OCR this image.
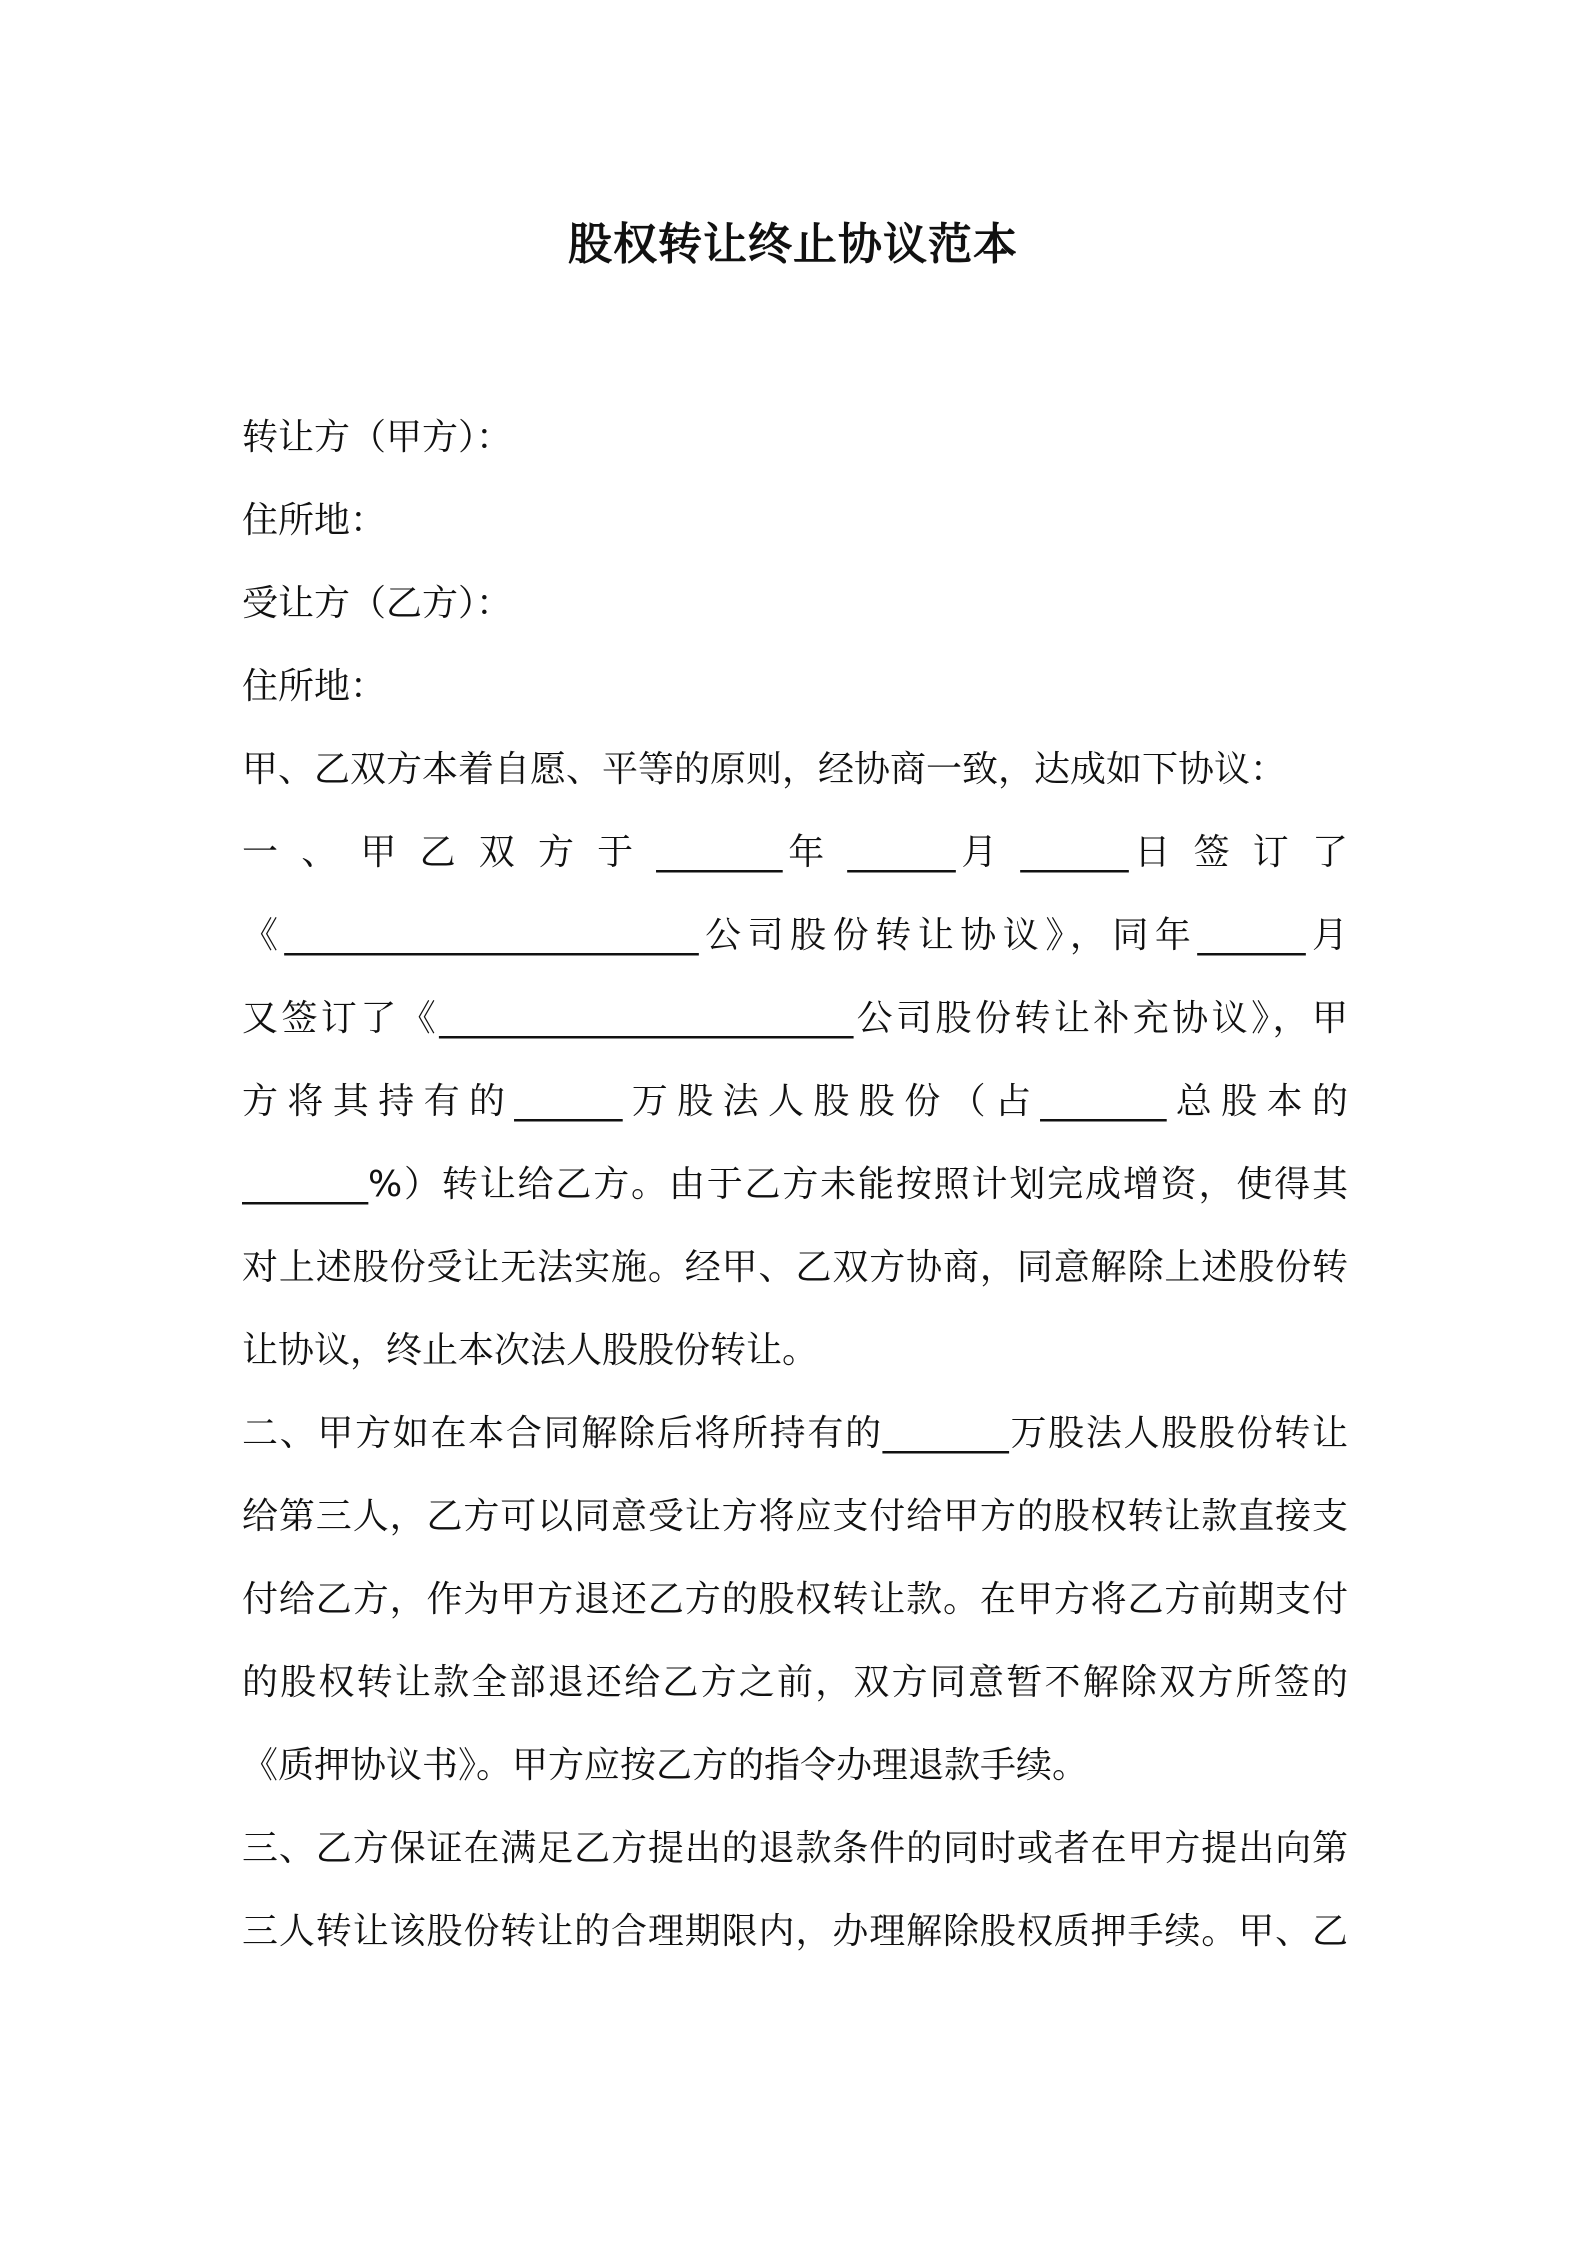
股权转让终止协议范本
转让方（甲方）：
住所地：
受让方（乙方）：
住所地：
甲、乙双方本着自愿、平等的原则，经协商一致，达成如下协议：
一 、 甲 乙 双 方 于 _______年 ______月 ______日 签 订 了
《_______________________公司股份转让协议》，同年______月
又签订了《_______________________公司股份转让补充协议》，甲
方将其持有的______万股法人股股份（占_______总股本的
_______%）转让给乙方。由于乙方未能按照计划完成增资，使得其
对上述股份受让无法实施。经甲、乙双方协商，同意解除上述股份转
让协议，终止本次法人股股份转让。
二、甲方如在本合同解除后将所持有的_______万股法人股股份转让
给第三人，乙方可以同意受让方将应支付给甲方的股权转让款直接支
付给乙方，作为甲方退还乙方的股权转让款。在甲方将乙方前期支付
的股权转让款全部退还给乙方之前，双方同意暂不解除双方所签的
《质押协议书》。甲方应按乙方的指令办理退款手续。
三、乙方保证在满足乙方提出的退款条件的同时或者在甲方提出向第
三人转让该股份转让的合理期限内，办理解除股权质押手续。甲、乙
